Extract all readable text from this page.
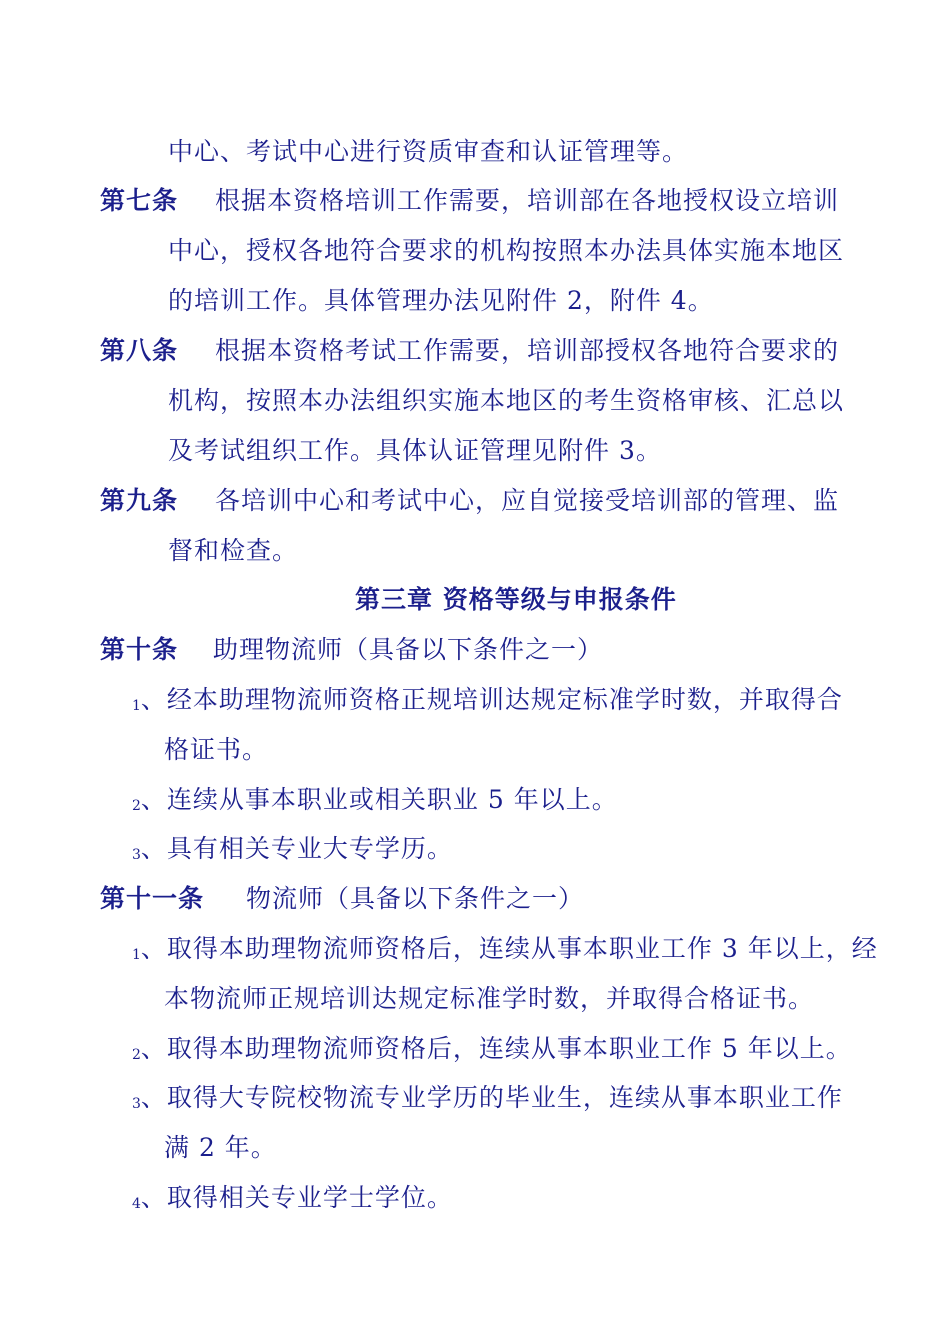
中心、考试中心进行资质审查和认证管理等。
第七条 根据本资格培训工作需要，培训部在各地授权设立培训
中心，授权各地符合要求的机构按照本办法具体实施本地区
的培训工作。具体管理办法见附件 2，附件 4。
第八条 根据本资格考试工作需要，培训部授权各地符合要求的
机构，按照本办法组织实施本地区的考生资格审核、汇总以
及考试组织工作。具体认证管理见附件 3。
第九条 各培训中心和考试中心，应自觉接受培训部的管理、监
督和检查。
第三章 资格等级与申报条件
第十条 助理物流师（具备以下条件之一）
1、经本助理物流师资格正规培训达规定标准学时数，并取得合
格证书。
2、连续从事本职业或相关职业 5 年以上。
3、具有相关专业大专学历。
第十一条 物流师（具备以下条件之一）
1、取得本助理物流师资格后，连续从事本职业工作 3 年以上，经
本物流师正规培训达规定标准学时数，并取得合格证书。
2、取得本助理物流师资格后，连续从事本职业工作 5 年以上。
3、取得大专院校物流专业学历的毕业生，连续从事本职业工作
满 2 年。
4、取得相关专业学士学位。
